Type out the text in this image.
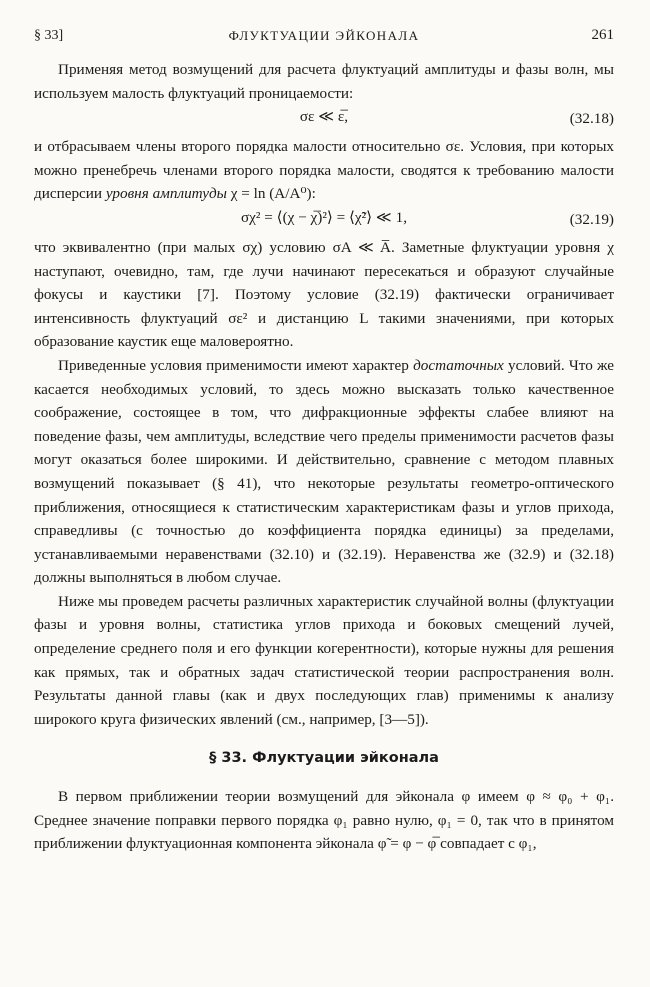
§ 33]	ФЛУКТУАЦИИ ЭЙКОНАЛА	261

Применяя метод возмущений для расчета флуктуаций амплитуды и фазы волн, мы используем малость флуктуаций проницаемости:

σε ≪ ε̅,	(32.18)

и отбрасываем члены второго порядка малости относительно σε. Условия, при которых можно пренебречь членами второго порядка малости, сводятся к требованию малости дисперсии уровня амплитуды χ = ln (A/A⁰):

σχ² = ⟨(χ − χ̅)²⟩ = ⟨χ̃²⟩ ≪ 1,	(32.19)

что эквивалентно (при малых σχ) условию σA ≪ A̅. Заметные флуктуации уровня χ наступают, очевидно, там, где лучи начинают пересекаться и образуют случайные фокусы и каустики [7]. Поэтому условие (32.19) фактически ограничивает интенсивность флуктуаций σε² и дистанцию L такими значениями, при которых образование каустик еще маловероятно.

Приведенные условия применимости имеют характер достаточных условий. Что же касается необходимых условий, то здесь можно высказать только качественное соображение, состоящее в том, что дифракционные эффекты слабее влияют на поведение фазы, чем амплитуды, вследствие чего пределы применимости расчетов фазы могут оказаться более широкими. И действительно, сравнение с методом плавных возмущений показывает (§ 41), что некоторые результаты геометро-оптического приближения, относящиеся к статистическим характеристикам фазы и углов прихода, справедливы (с точностью до коэффициента порядка единицы) за пределами, устанавливаемыми неравенствами (32.10) и (32.19). Неравенства же (32.9) и (32.18) должны выполняться в любом случае.

Ниже мы проведем расчеты различных характеристик случайной волны (флуктуации фазы и уровня волны, статистика углов прихода и боковых смещений лучей, определение среднего поля и его функции когерентности), которые нужны для решения как прямых, так и обратных задач статистической теории распространения волн. Результаты данной главы (как и двух последующих глав) применимы к анализу широкого круга физических явлений (см., например, [3—5]).

§ 33. Флуктуации эйконала

В первом приближении теории возмущений для эйконала φ имеем φ ≈ φ₀ + φ₁. Среднее значение поправки первого порядка φ₁ равно нулю, φ₁ = 0, так что в принятом приближении флуктуационная компонента эйконала φ̃ = φ − φ̅ совпадает с φ₁,
